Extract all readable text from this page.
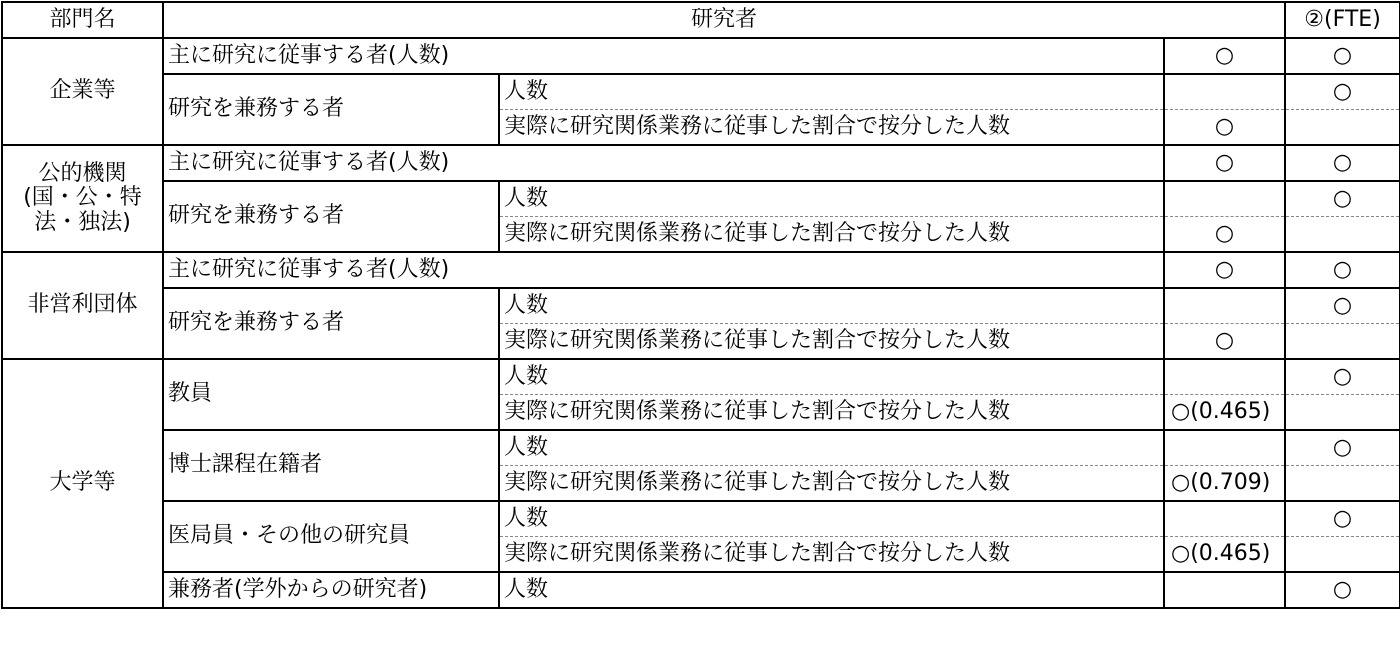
部門名	研究者			②(FTE)	
企業等	主に研究に従事する者(人数)		○	○	
	研究を兼務する者	人数		○	
		実際に研究関係業務に従事した割合で按分した人数	○		

公的機関
(国・公・特
法・独法)	主に研究に従事する者(人数)		○	○	
	研究を兼務する者	人数		○	
		実際に研究関係業務に従事した割合で按分した人数	○		
非営利団体	主に研究に従事する者(人数)		○	○	
	研究を兼務する者	人数		○	
		実際に研究関係業務に従事した割合で按分した人数	○		
大学等	教員	人数		○	
		実際に研究関係業務に従事した割合で按分した人数	○(0.465)		
	博士課程在籍者	人数		○	
		実際に研究関係業務に従事した割合で按分した人数	○(0.709)		
	医局員・その他の研究員	人数		○	
		実際に研究関係業務に従事した割合で按分した人数	○(0.465)		
	兼務者(学外からの研究者)	人数		○	
